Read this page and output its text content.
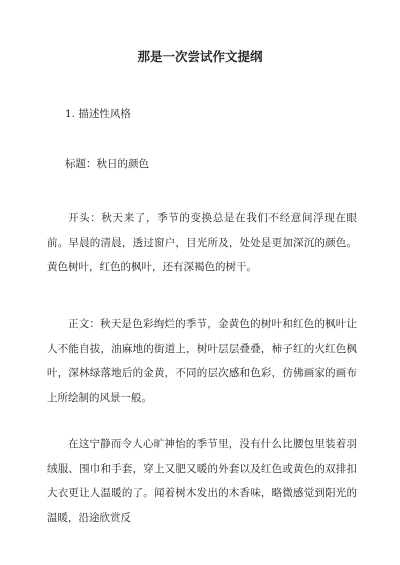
那是一次尝试作文提纲

1. 描述性风格

标题：秋日的颜色

开头：秋天来了，季节的变换总是在我们不经意间浮现在眼前。早晨的清晨，透过窗户，目光所及，处处是更加深沉的颜色。黄色树叶，红色的枫叶，还有深褐色的树干。

正文：秋天是色彩绚烂的季节，金黄色的树叶和红色的枫叶让人不能自拔，油麻地的街道上，树叶层层叠叠，柿子红的火红色枫叶，深林绿落地后的金黄，不同的层次感和色彩，仿佛画家的画布上所绘制的风景一般。

在这宁静而令人心旷神怡的季节里，没有什么比腰包里装着羽绒服、围巾和手套，穿上又肥又暖的外套以及红色或黄色的双排扣大衣更让人温暖的了。闻着树木发出的木香味，略微感觉到阳光的温暖，沿途欣赏反
